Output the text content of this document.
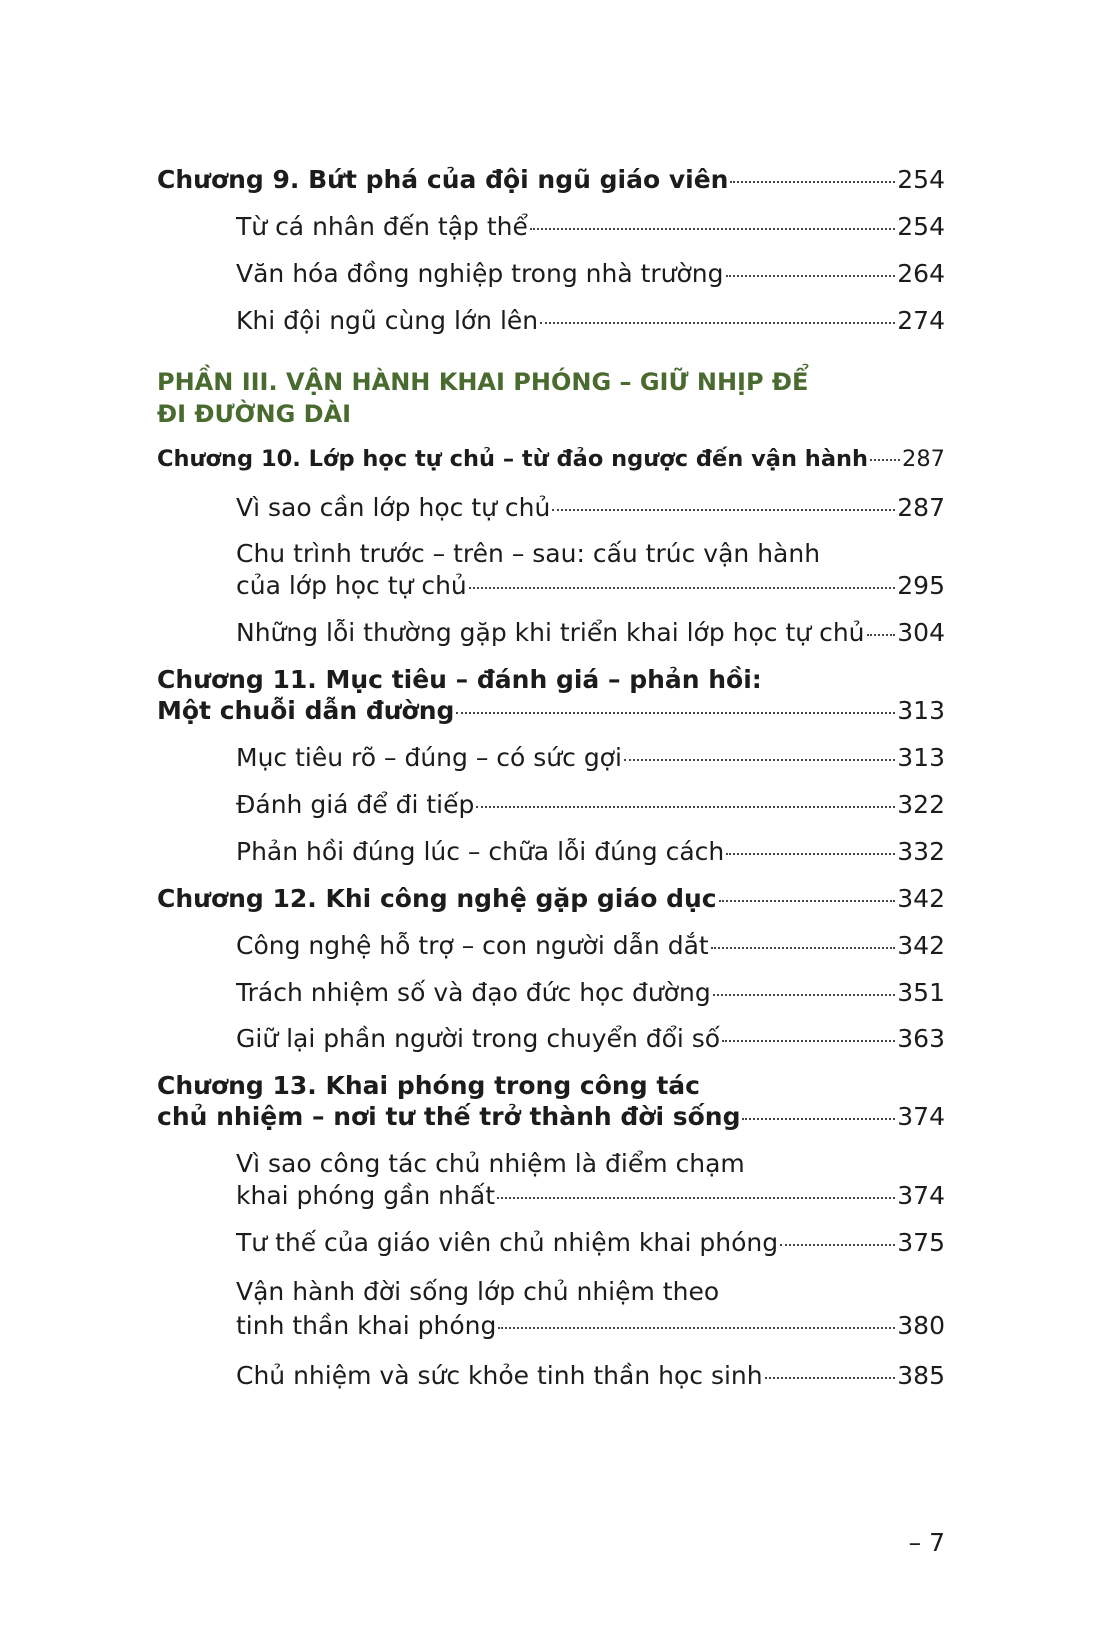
Chương 9. Bứt phá của đội ngũ giáo viên	254
Từ cá nhân đến tập thể	254
Văn hóa đồng nghiệp trong nhà trường	264
Khi đội ngũ cùng lớn lên	274
PHẦN III. VẬN HÀNH KHAI PHÓNG – GIỮ NHỊP ĐỂ
ĐI ĐƯỜNG DÀI
Chương 10. Lớp học tự chủ – từ đảo ngược đến vận hành 287
Vì sao cần lớp học tự chủ	287
Chu trình trước – trên – sau: cấu trúc vận hành
của lớp học tự chủ	295
Những lỗi thường gặp khi triển khai lớp học tự chủ 304
Chương 11. Mục tiêu – đánh giá – phản hồi:
Một chuỗi dẫn đường	313
Mục tiêu rõ – đúng – có sức gợi	313
Đánh giá để đi tiếp	322
Phản hồi đúng lúc – chữa lỗi đúng cách	332
Chương 12. Khi công nghệ gặp giáo dục	342
Công nghệ hỗ trợ – con người dẫn dắt	342
Trách nhiệm số và đạo đức học đường	351
Giữ lại phần người trong chuyển đổi số	363
Chương 13. Khai phóng trong công tác
chủ nhiệm – nơi tư thế trở thành đời sống	374
Vì sao công tác chủ nhiệm là điểm chạm
khai phóng gần nhất	374
Tư thế của giáo viên chủ nhiệm khai phóng	375
Vận hành đời sống lớp chủ nhiệm theo
tinh thần khai phóng	380
Chủ nhiệm và sức khỏe tinh thần học sinh	385
– 7
